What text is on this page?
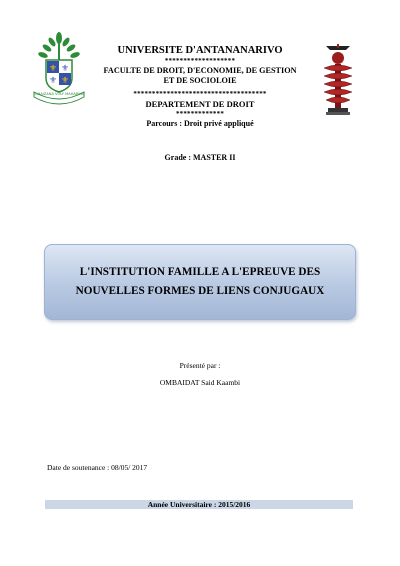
⚜ ⚜
⚜ ⚜
FAHAIZANA VOLY MAHARINA
UNIVERSITE D'ANTANANARIVO
*******************
FACULTE DE DROIT, D'ECONOMIE, DE GESTION
ET DE SOCIOLOIE
************************************
DEPARTEMENT DE DROIT
*************
Parcours : Droit privé appliqué
Grade : MASTER II
L'INSTITUTION FAMILLE A L'EPREUVE DES
NOUVELLES FORMES DE LIENS CONJUGAUX
Présenté par :
OMBAIDAT Said Kaambi
Date de soutenance : 08/05/ 2017
Année Universitaire : 2015/2016
